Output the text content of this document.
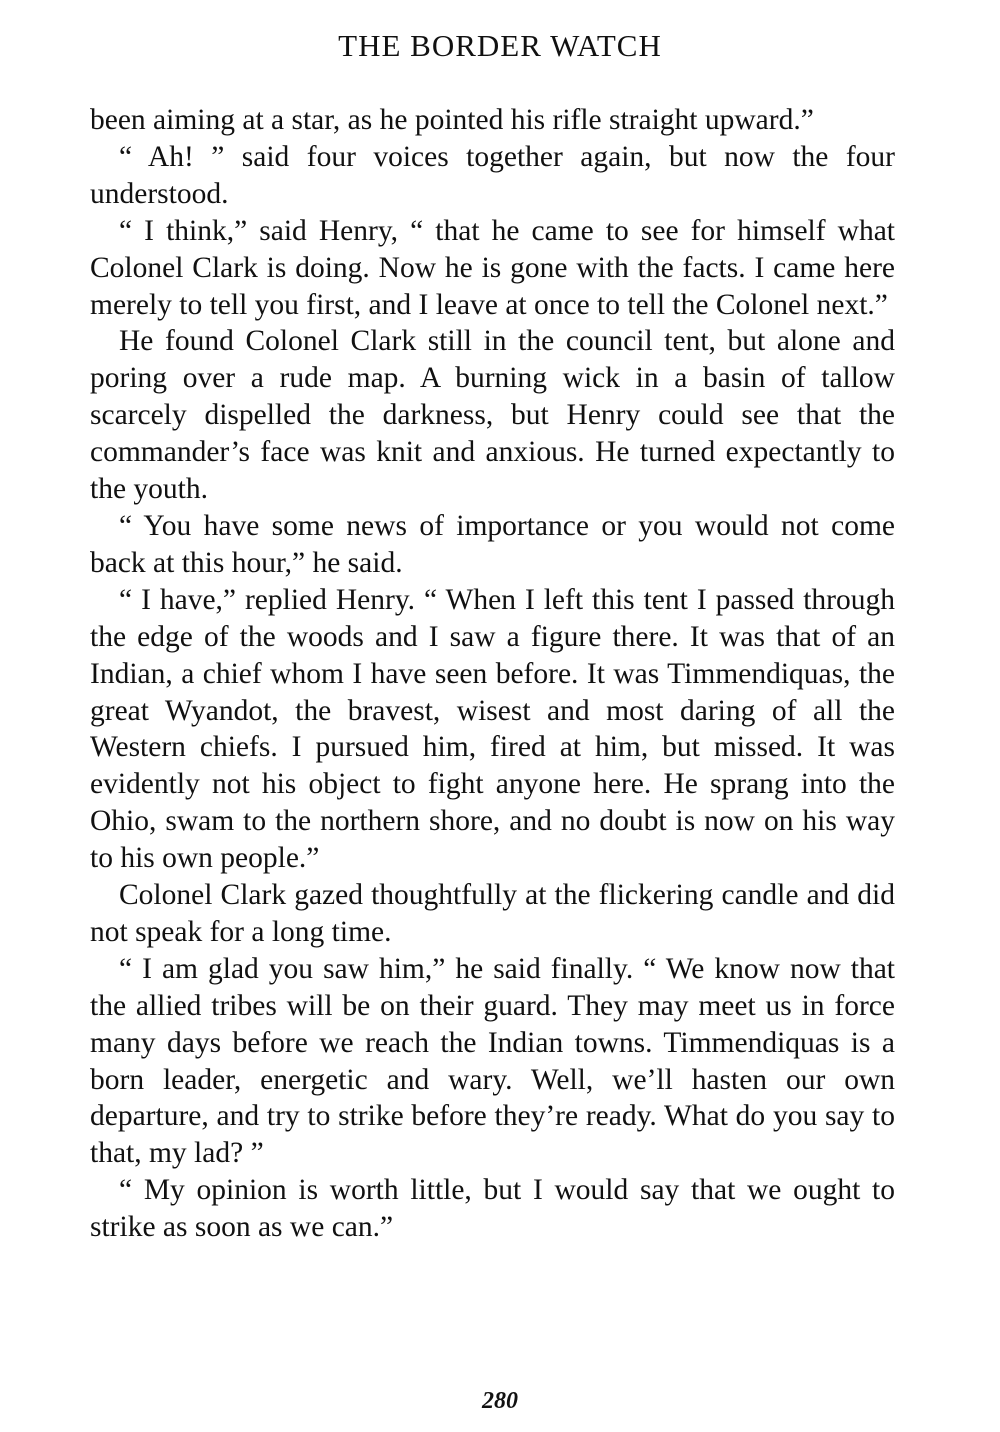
THE BORDER WATCH

been aiming at a star, as he pointed his rifle straight upward.”

“ Ah! ” said four voices together again, but now the four understood.

“ I think,” said Henry, “ that he came to see for himself what Colonel Clark is doing. Now he is gone with the facts. I came here merely to tell you first, and I leave at once to tell the Colonel next.”

He found Colonel Clark still in the council tent, but alone and poring over a rude map. A burning wick in a basin of tallow scarcely dispelled the darkness, but Henry could see that the commander’s face was knit and anxious. He turned expectantly to the youth.

“ You have some news of importance or you would not come back at this hour,” he said.

“ I have,” replied Henry. “ When I left this tent I passed through the edge of the woods and I saw a figure there. It was that of an Indian, a chief whom I have seen before. It was Timmendiquas, the great Wyandot, the bravest, wisest and most daring of all the Western chiefs. I pursued him, fired at him, but missed. It was evidently not his object to fight anyone here. He sprang into the Ohio, swam to the northern shore, and no doubt is now on his way to his own people.”

Colonel Clark gazed thoughtfully at the flickering candle and did not speak for a long time.

“ I am glad you saw him,” he said finally. “ We know now that the allied tribes will be on their guard. They may meet us in force many days before we reach the Indian towns. Timmendiquas is a born leader, energetic and wary. Well, we’ll hasten our own departure, and try to strike before they’re ready. What do you say to that, my lad? ”

“ My opinion is worth little, but I would say that we ought to strike as soon as we can.”

280
